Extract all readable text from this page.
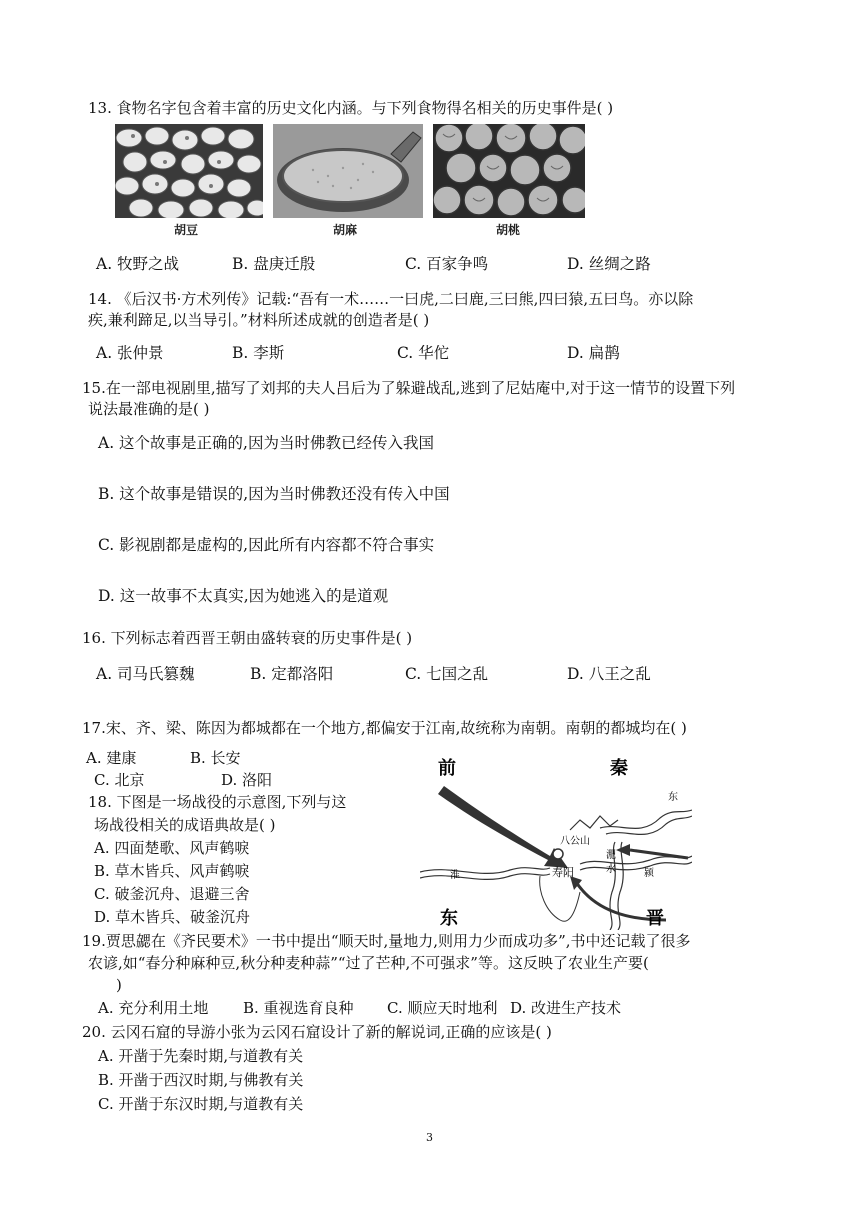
13. 食物名字包含着丰富的历史文化内涵。与下列食物得名相关的历史事件是( )
胡豆	胡麻	胡桃
A. 牧野之战	B. 盘庚迁殷	C. 百家争鸣	D. 丝绸之路
14. 《后汉书·方术列传》记载:“吾有一术……一曰虎,二曰鹿,三曰熊,四曰猿,五曰鸟。亦以除
疾,兼利蹄足,以当导引。”材料所述成就的创造者是( )
A. 张仲景	B. 李斯	C. 华佗	D. 扁鹊
15.在一部电视剧里,描写了刘邦的夫人吕后为了躲避战乱,逃到了尼姑庵中,对于这一情节的设置下列
说法最准确的是( )
A. 这个故事是正确的,因为当时佛教已经传入我国
B. 这个故事是错误的,因为当时佛教还没有传入中国
C. 影视剧都是虚构的,因此所有内容都不符合事实
D. 这一故事不太真实,因为她逃入的是道观
16. 下列标志着西晋王朝由盛转衰的历史事件是( )
A. 司马氏篡魏	B. 定都洛阳	C. 七国之乱	D. 八王之乱
17.宋、齐、梁、陈因为都城都在一个地方,都偏安于江南,故统称为南朝。南朝的都城均在( )
A. 建康	B. 长安
C. 北京	D. 洛阳
18. 下图是一场战役的示意图,下列与这
场战役相关的成语典故是( )
A. 四面楚歌、风声鹤唳
B. 草木皆兵、风声鹤唳
C. 破釜沉舟、退避三舍
D. 草木皆兵、破釜沉舟
前	秦
东	晋
八公山
寿阳
淝
水
淮	颍
东
19.贾思勰在《齐民要术》一书中提出“顺天时,量地力,则用力少而成功多”,书中还记载了很多
农谚,如“春分种麻种豆,秋分种麦种蒜”“过了芒种,不可强求”等。这反映了农业生产要(
)
A. 充分利用土地 B. 重视选育良种 C. 顺应天时地利 D. 改进生产技术
20. 云冈石窟的导游小张为云冈石窟设计了新的解说词,正确的应该是( )
A. 开凿于先秦时期,与道教有关
B. 开凿于西汉时期,与佛教有关
C. 开凿于东汉时期,与道教有关
3
